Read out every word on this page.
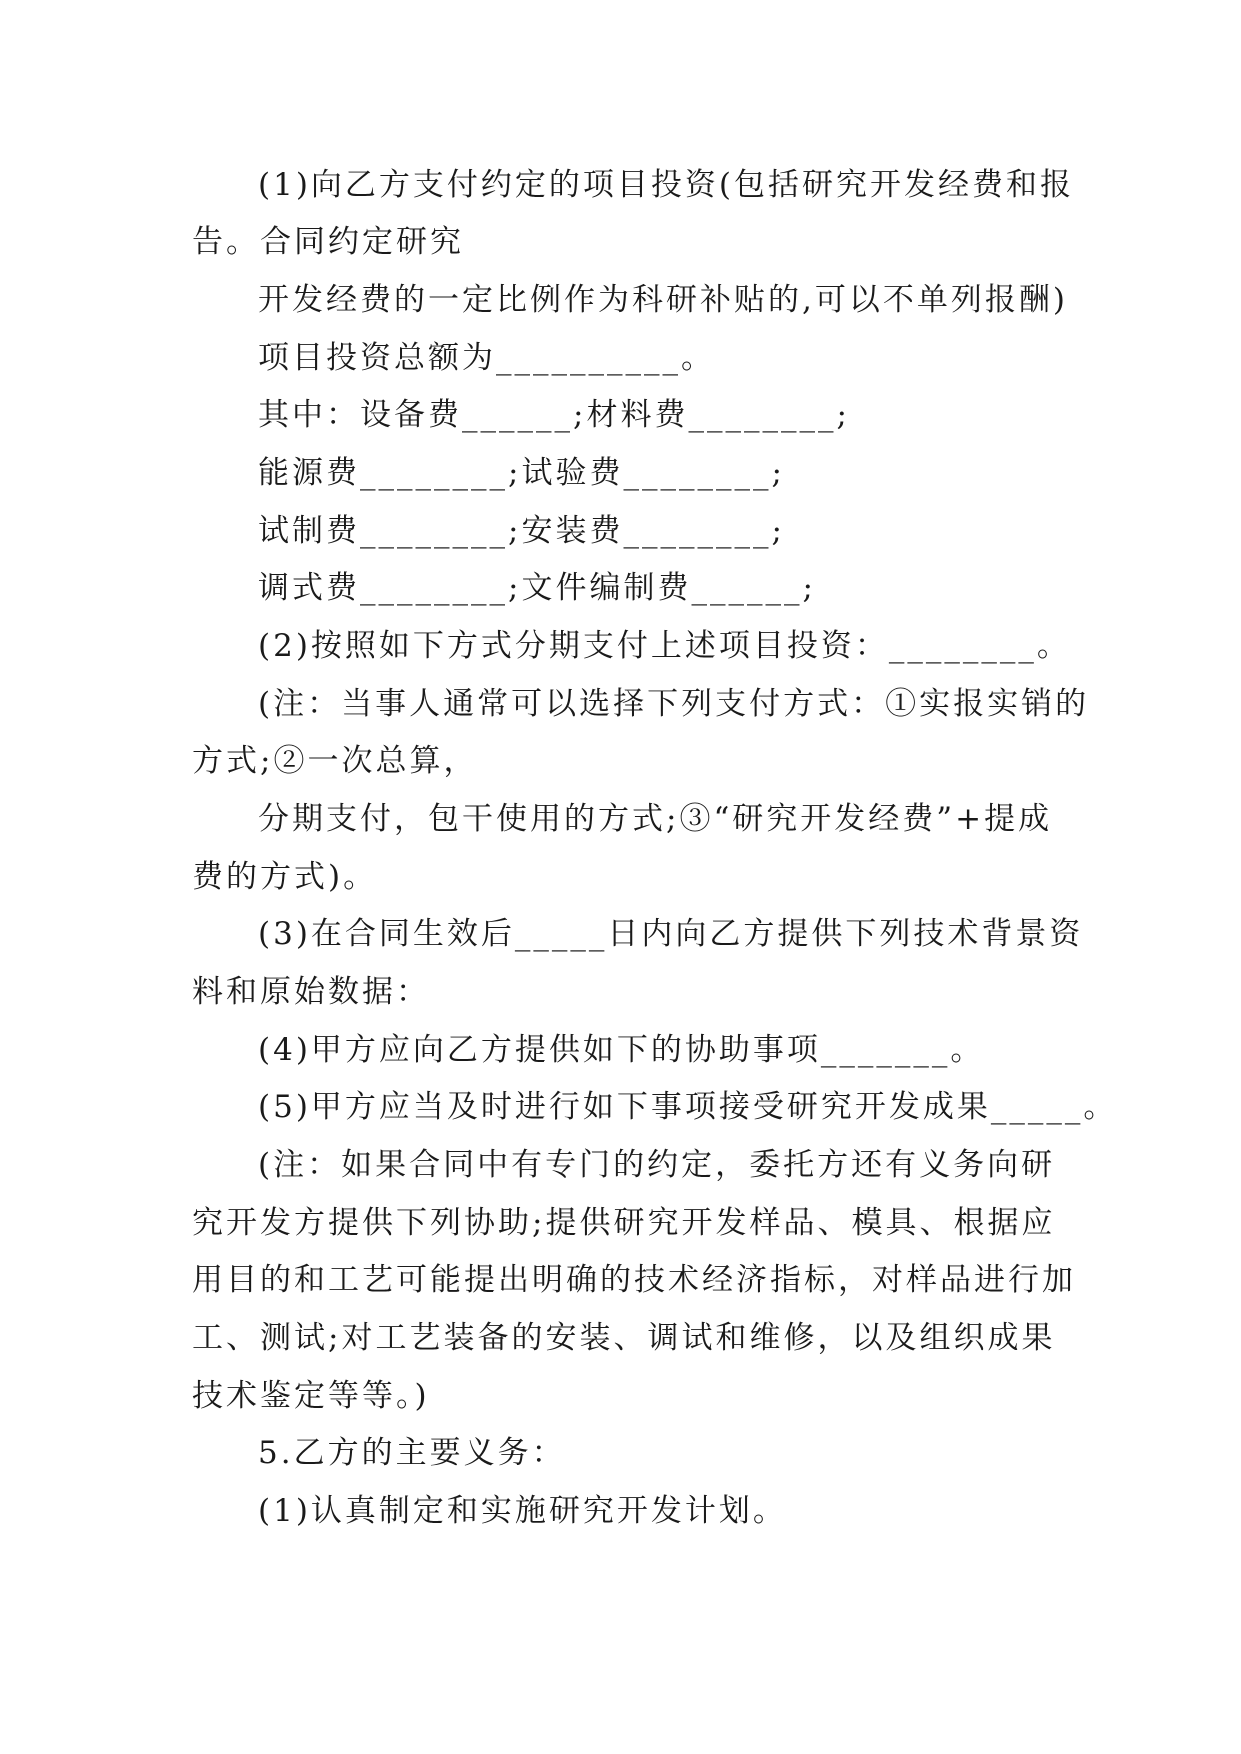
(1)向乙方支付约定的项目投资(包括研究开发经费和报
告。合同约定研究
开发经费的一定比例作为科研补贴的,可以不单列报酬)
项目投资总额为__________。
其中：设备费______;材料费________;
能源费________;试验费________;
试制费________;安装费________;
调式费________;文件编制费______;
(2)按照如下方式分期支付上述项目投资：________。
(注：当事人通常可以选择下列支付方式：①实报实销的
方式;②一次总算，
分期支付，包干使用的方式;③“研究开发经费”+提成
费的方式)。
(3)在合同生效后_____日内向乙方提供下列技术背景资
料和原始数据：
(4)甲方应向乙方提供如下的协助事项_______。
(5)甲方应当及时进行如下事项接受研究开发成果_____。
(注：如果合同中有专门的约定，委托方还有义务向研
究开发方提供下列协助;提供研究开发样品、模具、根据应
用目的和工艺可能提出明确的技术经济指标，对样品进行加
工、测试;对工艺装备的安装、调试和维修，以及组织成果
技术鉴定等等。)
5.乙方的主要义务：
(1)认真制定和实施研究开发计划。
